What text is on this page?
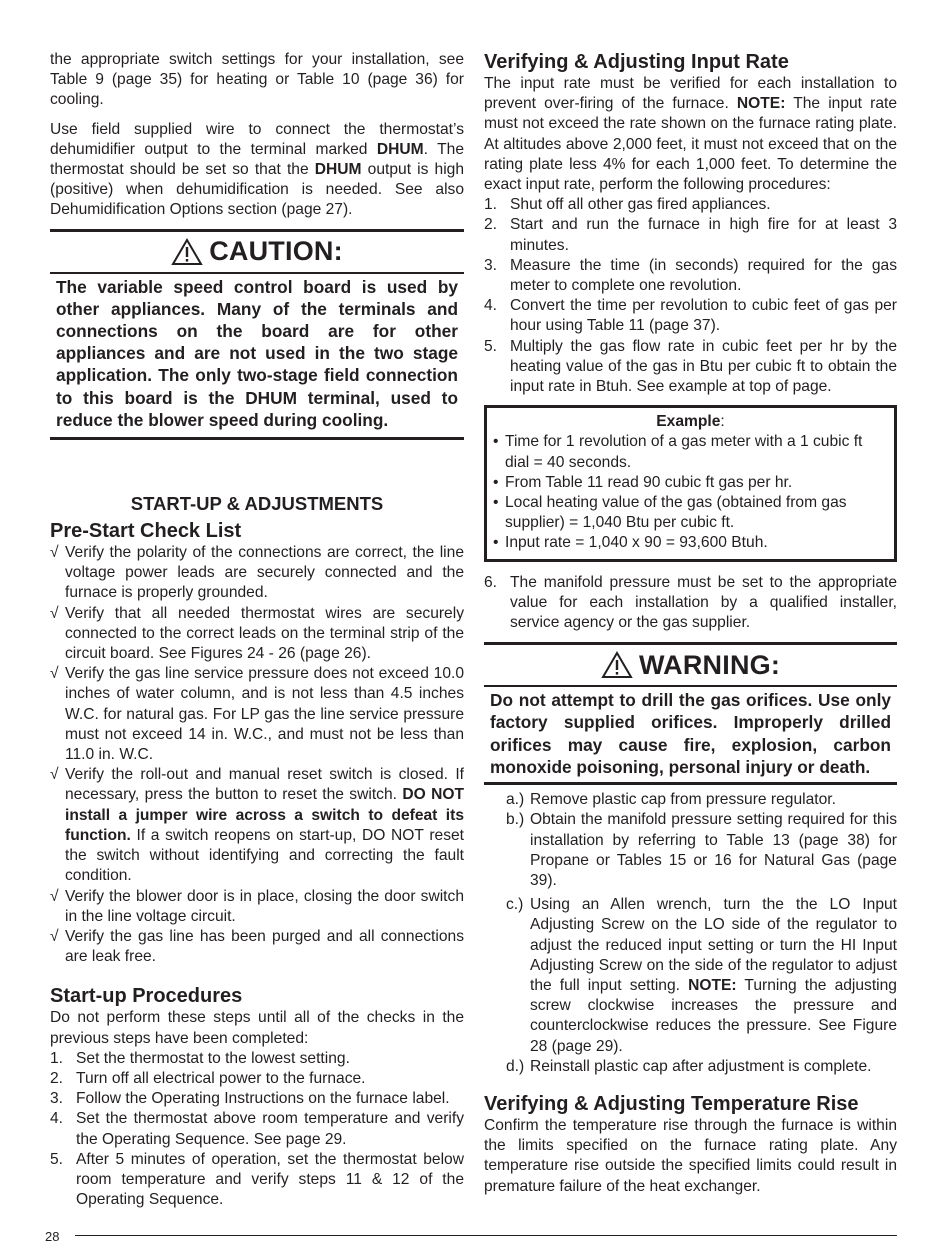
the appropriate switch settings for your installation, see Table 9 (page 35) for heating or Table 10 (page 36) for cooling.

Use field supplied wire to connect the thermostat’s dehumidifier output to the terminal marked DHUM. The thermostat should be set so that the DHUM output is high (positive) when dehumidification is needed. See also Dehumidification Options section (page 27).

CAUTION:
The variable speed control board is used by other appliances. Many of the terminals and connections on the board are for other appliances and are not used in the two stage application. The only two-stage field connection to this board is the DHUM terminal, used to reduce the blower speed during cooling.
START-UP & ADJUSTMENTS
Pre-Start Check List
√ Verify the polarity of the connections are correct, the line voltage power leads are securely connected and the furnace is properly grounded.
√ Verify that all needed thermostat wires are securely connected to the correct leads on the terminal strip of the circuit board. See Figures 24 - 26 (page 26).
√ Verify the gas line service pressure does not exceed 10.0 inches of water column, and is not less than 4.5 inches W.C. for natural gas. For LP gas the line service pressure must not exceed 14 in. W.C., and must not be less than 11.0 in. W.C.
√ Verify the roll-out and manual reset switch is closed. If necessary, press the button to reset the switch. DO NOT install a jumper wire across a switch to defeat its function. If a switch reopens on start-up, DO NOT reset the switch without identifying and correcting the fault condition.
√ Verify the blower door is in place, closing the door switch in the line voltage circuit.
√ Verify the gas line has been purged and all connections are leak free.
Start-up Procedures

Do not perform these steps until all of the checks in the previous steps have been completed:

1. Set the thermostat to the lowest setting.
2. Turn off all electrical power to the furnace.
3. Follow the Operating Instructions on the furnace label.
4. Set the thermostat above room temperature and verify the Operating Sequence. See page 29.
5. After 5 minutes of operation, set the thermostat below room temperature and verify steps 11 & 12 of the Operating Sequence.
Verifying & Adjusting Input Rate

The input rate must be verified for each installation to prevent over-firing of the furnace. NOTE: The input rate must not exceed the rate shown on the furnace rating plate. At altitudes above 2,000 feet, it must not exceed that on the rating plate less 4% for each 1,000 feet. To determine the exact input rate, perform the following procedures:

1. Shut off all other gas fired appliances.
2. Start and run the furnace in high fire for at least 3 minutes.
3. Measure the time (in seconds) required for the gas meter to complete one revolution.
4. Convert the time per revolution to cubic feet of gas per hour using Table 11 (page 37).
5. Multiply the gas flow rate in cubic feet per hr by the heating value of the gas in Btu per cubic ft to obtain the input rate in Btuh. See example at top of page.
Example:
• Time for 1 revolution of a gas meter with a 1 cubic ft dial = 40 seconds.
• From Table 11 read 90 cubic ft gas per hr.
• Local heating value of the gas (obtained from gas supplier) = 1,040 Btu per cubic ft.
• Input rate = 1,040 x 90 = 93,600 Btuh.
6. The manifold pressure must be set to the appropriate value for each installation by a qualified installer, service agency or the gas supplier.
WARNING:
Do not attempt to drill the gas orifices. Use only factory supplied orifices. Improperly drilled orifices may cause fire, explosion, carbon monoxide poisoning, personal injury or death.
a.) Remove plastic cap from pressure regulator.
b.) Obtain the manifold pressure setting required for this installation by referring to Table 13 (page 38) for Propane or Tables 15 or 16 for Natural Gas (page 39).
c.) Using an Allen wrench, turn the the LO Input Adjusting Screw on the LO side of the regulator to adjust the reduced input setting or turn the HI Input Adjusting Screw on the side of the regulator to adjust the full input setting. NOTE: Turning the adjusting screw clockwise increases the pressure and counterclockwise reduces the pressure. See Figure 28 (page 29).
d.) Reinstall plastic cap after adjustment is complete.
Verifying & Adjusting Temperature Rise

Confirm the temperature rise through the furnace is within the limits specified on the furnace rating plate. Any temperature rise outside the specified limits could result in premature failure of the heat exchanger.

28
